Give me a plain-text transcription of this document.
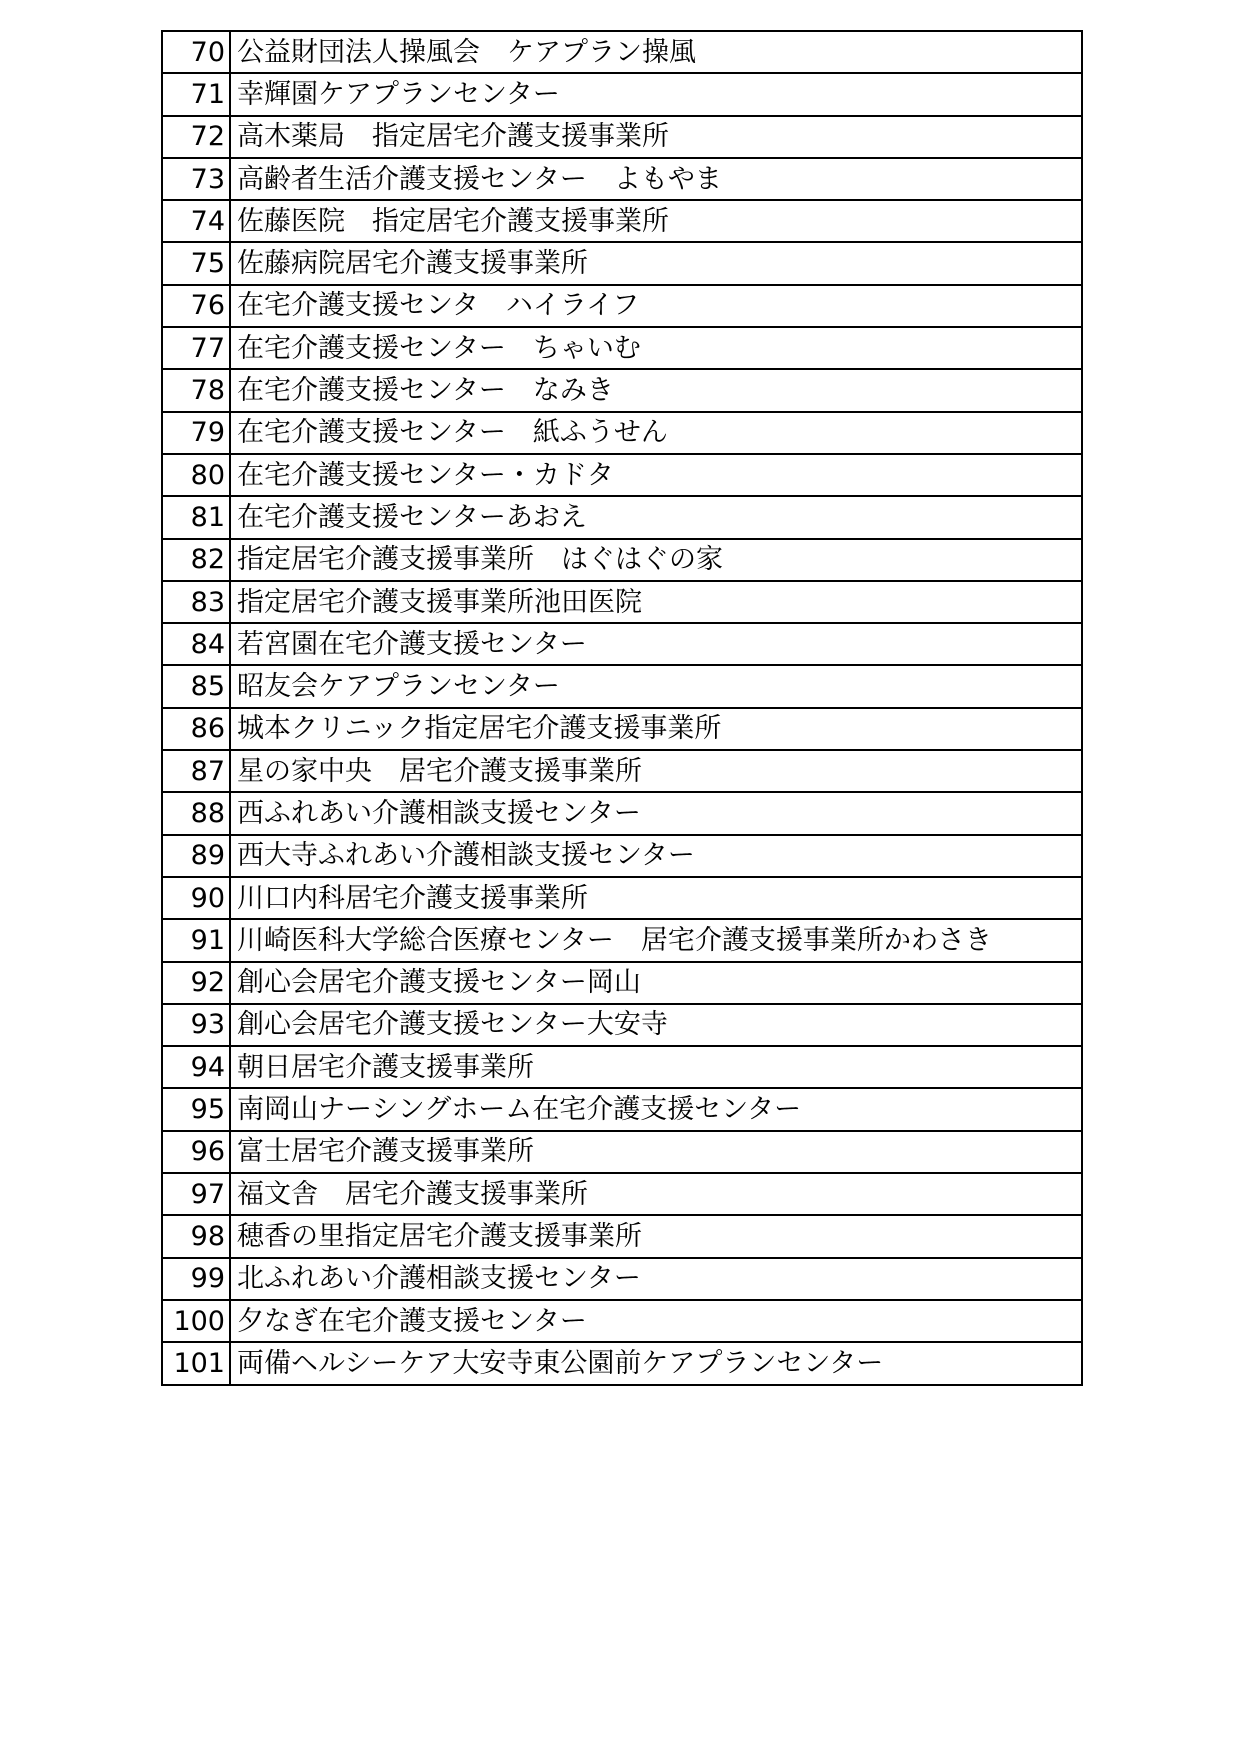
70	公益財団法人操風会　ケアプラン操風
71	幸輝園ケアプランセンター
72	高木薬局　指定居宅介護支援事業所
73	高齢者生活介護支援センター　よもやま
74	佐藤医院　指定居宅介護支援事業所
75	佐藤病院居宅介護支援事業所
76	在宅介護支援センタ　ハイライフ
77	在宅介護支援センター　ちゃいむ
78	在宅介護支援センター　なみき
79	在宅介護支援センター　紙ふうせん
80	在宅介護支援センター・カドタ
81	在宅介護支援センターあおえ
82	指定居宅介護支援事業所　はぐはぐの家
83	指定居宅介護支援事業所池田医院
84	若宮園在宅介護支援センター
85	昭友会ケアプランセンター
86	城本クリニック指定居宅介護支援事業所
87	星の家中央　居宅介護支援事業所
88	西ふれあい介護相談支援センター
89	西大寺ふれあい介護相談支援センター
90	川口内科居宅介護支援事業所
91	川崎医科大学総合医療センター　居宅介護支援事業所かわさき
92	創心会居宅介護支援センター岡山
93	創心会居宅介護支援センター大安寺
94	朝日居宅介護支援事業所
95	南岡山ナーシングホーム在宅介護支援センター
96	富士居宅介護支援事業所
97	福文舎　居宅介護支援事業所
98	穂香の里指定居宅介護支援事業所
99	北ふれあい介護相談支援センター
100	夕なぎ在宅介護支援センター
101	両備ヘルシーケア大安寺東公園前ケアプランセンター
